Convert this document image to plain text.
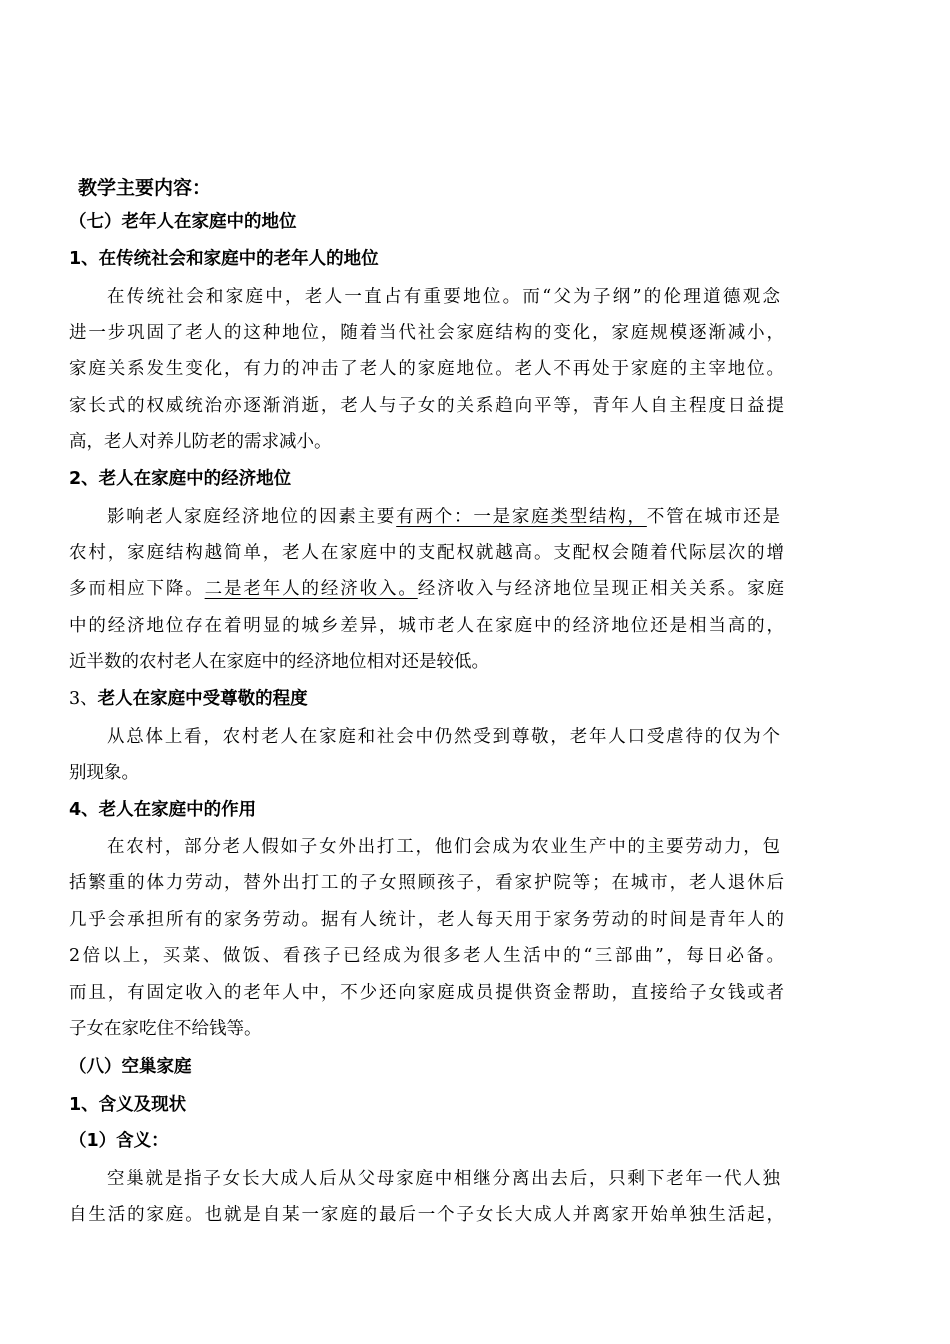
教学主要内容：
（七）老年人在家庭中的地位
1、在传统社会和家庭中的老年人的地位
在传统社会和家庭中，老人一直占有重要地位。而“父为子纲”的伦理道德观念
进一步巩固了老人的这种地位，随着当代社会家庭结构的变化，家庭规模逐渐减小，
家庭关系发生变化，有力的冲击了老人的家庭地位。老人不再处于家庭的主宰地位。
家长式的权威统治亦逐渐消逝，老人与子女的关系趋向平等，青年人自主程度日益提
高，老人对养儿防老的需求减小。
2、老人在家庭中的经济地位
影响老人家庭经济地位的因素主要有两个：一是家庭类型结构，不管在城市还是
农村，家庭结构越简单，老人在家庭中的支配权就越高。支配权会随着代际层次的增
多而相应下降。二是老年人的经济收入。经济收入与经济地位呈现正相关关系。家庭
中的经济地位存在着明显的城乡差异，城市老人在家庭中的经济地位还是相当高的，
近半数的农村老人在家庭中的经济地位相对还是较低。
3、老人在家庭中受尊敬的程度
从总体上看，农村老人在家庭和社会中仍然受到尊敬，老年人口受虐待的仅为个
别现象。
4、老人在家庭中的作用
在农村，部分老人假如子女外出打工，他们会成为农业生产中的主要劳动力，包
括繁重的体力劳动，替外出打工的子女照顾孩子，看家护院等；在城市，老人退休后
几乎会承担所有的家务劳动。据有人统计，老人每天用于家务劳动的时间是青年人的
2倍以上，买菜、做饭、看孩子已经成为很多老人生活中的“三部曲”，每日必备。
而且，有固定收入的老年人中，不少还向家庭成员提供资金帮助，直接给子女钱或者
子女在家吃住不给钱等。
（八）空巢家庭
1、含义及现状
（1）含义：
空巢就是指子女长大成人后从父母家庭中相继分离出去后，只剩下老年一代人独
自生活的家庭。也就是自某一家庭的最后一个子女长大成人并离家开始单独生活起，
